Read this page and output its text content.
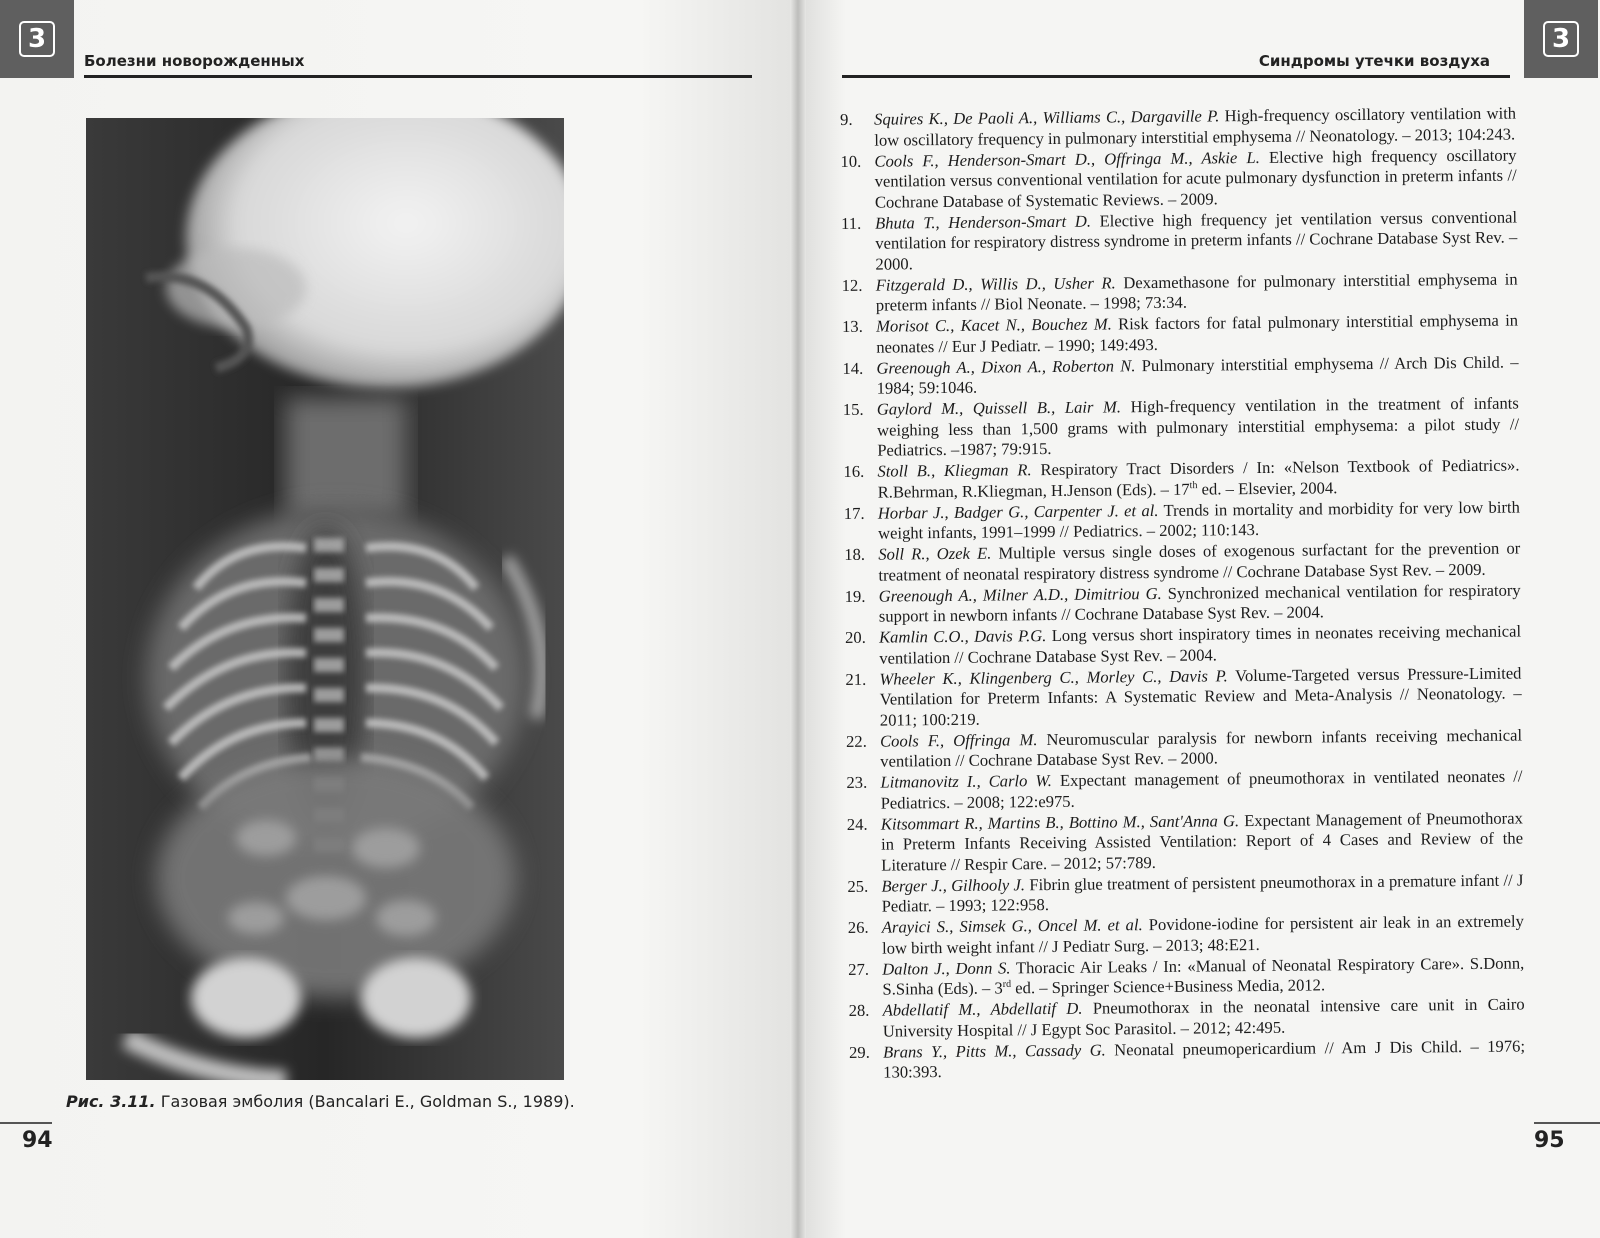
3
Болезни новорожденных
Рис. 3.11. Газовая эмболия (Bancalari E., Goldman S., 1989).
94
Синдромы утечки воздуха
3
95
9.	Squires K., De Paoli A., Williams C., Dargaville P. High-frequency oscillatory ventilation with low oscillatory frequency in pulmonary interstitial emphysema // Neonatology. – 2013; 104:243.
10. Cools F., Henderson-Smart D., Offringa M., Askie L. Elective high frequency oscillatory ventilation versus conventional ventilation for acute pulmonary dysfunction in preterm infants // Cochrane Database of Systematic Reviews. – 2009.
11. Bhuta T., Henderson-Smart D. Elective high frequency jet ventilation versus conventional ventilation for respiratory distress syndrome in preterm infants // Cochrane Database Syst Rev. – 2000.
12. Fitzgerald D., Willis D., Usher R. Dexamethasone for pulmonary interstitial emphysema in preterm infants // Biol Neonate. – 1998; 73:34.
13. Morisot C., Kacet N., Bouchez M. Risk factors for fatal pulmonary interstitial emphysema in neonates // Eur J Pediatr. – 1990; 149:493.
14. Greenough A., Dixon A., Roberton N. Pulmonary interstitial emphysema // Arch Dis Child. – 1984; 59:1046.
15. Gaylord M., Quissell B., Lair M. High-frequency ventilation in the treatment of infants weighing less than 1,500 grams with pulmonary interstitial emphysema: a pilot study // Pediatrics. –1987; 79:915.
16. Stoll B., Kliegman R. Respiratory Tract Disorders / In: «Nelson Textbook of Pediatrics». R.Behrman, R.Kliegman, H.Jenson (Eds). – 17th ed. – Elsevier, 2004.
17. Horbar J., Badger G., Carpenter J. et al. Trends in mortality and morbidity for very low birth weight infants, 1991–1999 // Pediatrics. – 2002; 110:143.
18. Soll R., Ozek E. Multiple versus single doses of exogenous surfactant for the prevention or treatment of neonatal respiratory distress syndrome // Cochrane Database Syst Rev. – 2009.
19. Greenough A., Milner A.D., Dimitriou G. Synchronized mechanical ventilation for respiratory support in newborn infants // Cochrane Database Syst Rev. – 2004.
20. Kamlin C.O., Davis P.G. Long versus short inspiratory times in neonates receiving mechanical ventilation // Cochrane Database Syst Rev. – 2004.
21. Wheeler K., Klingenberg C., Morley C., Davis P. Volume-Targeted versus Pressure-Limited Ventilation for Preterm Infants: A Systematic Review and Meta-Analysis // Neonatology. – 2011; 100:219.
22. Cools F., Offringa M. Neuromuscular paralysis for newborn infants receiving mechanical ventilation // Cochrane Database Syst Rev. – 2000.
23. Litmanovitz I., Carlo W. Expectant management of pneumothorax in ventilated neonates // Pediatrics. – 2008; 122:e975.
24. Kitsommart R., Martins B., Bottino M., Sant'Anna G. Expectant Management of Pneumothorax in Preterm Infants Receiving Assisted Ventilation: Report of 4 Cases and Review of the Literature // Respir Care. – 2012; 57:789.
25. Berger J., Gilhooly J. Fibrin glue treatment of persistent pneumothorax in a premature infant // J Pediatr. – 1993; 122:958.
26. Arayici S., Simsek G., Oncel M. et al. Povidone-iodine for persistent air leak in an extremely low birth weight infant // J Pediatr Surg. – 2013; 48:E21.
27. Dalton J., Donn S. Thoracic Air Leaks / In: «Manual of Neonatal Respiratory Care». S.Donn, S.Sinha (Eds). – 3rd ed. – Springer Science+Business Media, 2012.
28. Abdellatif M., Abdellatif D. Pneumothorax in the neonatal intensive care unit in Cairo University Hospital // J Egypt Soc Parasitol. – 2012; 42:495.
29. Brans Y., Pitts M., Cassady G. Neonatal pneumopericardium // Am J Dis Child. – 1976; 130:393.
